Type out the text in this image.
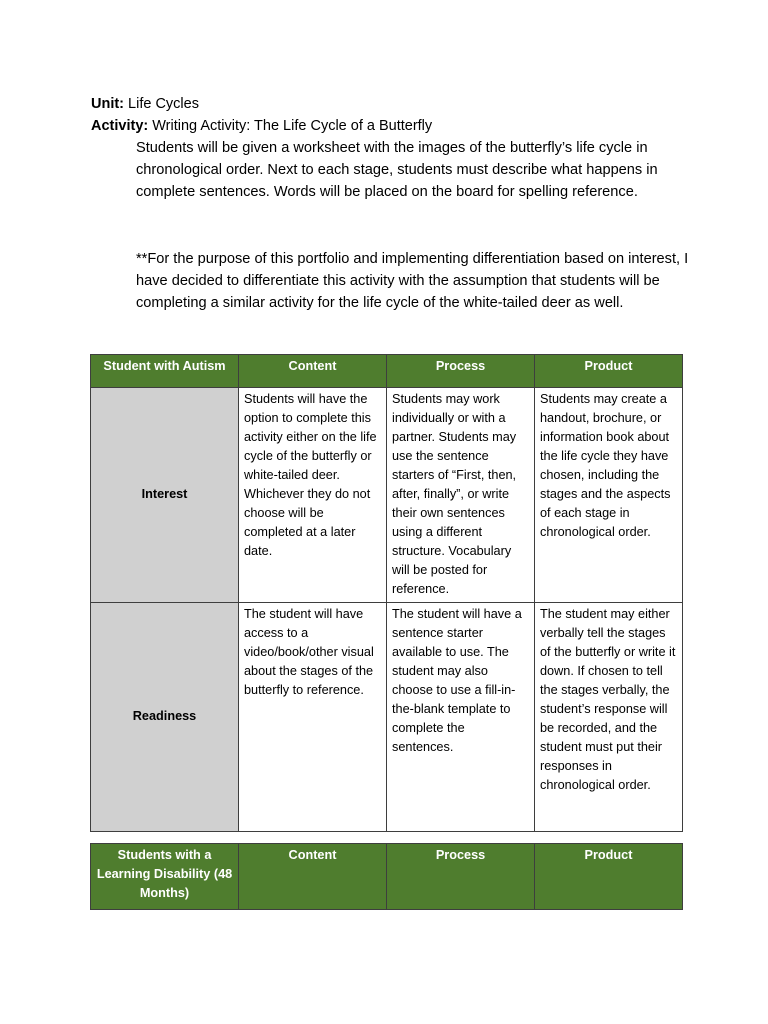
Unit: Life Cycles
Activity: Writing Activity: The Life Cycle of a Butterfly
Students will be given a worksheet with the images of the butterfly’s life cycle in chronological order. Next to each stage, students must describe what happens in complete sentences. Words will be placed on the board for spelling reference.
**For the purpose of this portfolio and implementing differentiation based on interest, I have decided to differentiate this activity with the assumption that students will be completing a similar activity for the life cycle of the white-tailed deer as well.
Student with Autism	Content	Process	Product
Interest	Students will have the option to complete this activity either on the life cycle of the butterfly or white-tailed deer. Whichever they do not choose will be completed at a later date.	Students may work individually or with a partner. Students may use the sentence starters of “First, then, after, finally”, or write their own sentences using a different structure. Vocabulary will be posted for reference.	Students may create a handout, brochure, or information book about the life cycle they have chosen, including the stages and the aspects of each stage in chronological order.
Readiness	The student will have access to a video/book/other visual about the stages of the butterfly to reference.	The student will have a sentence starter available to use. The student may also choose to use a fill-in-the-blank template to complete the sentences.	The student may either verbally tell the stages of the butterfly or write it down. If chosen to tell the stages verbally, the student’s response will be recorded, and the student must put their responses in chronological order.
Students with a Learning Disability (48 Months)	Content	Process	Product
